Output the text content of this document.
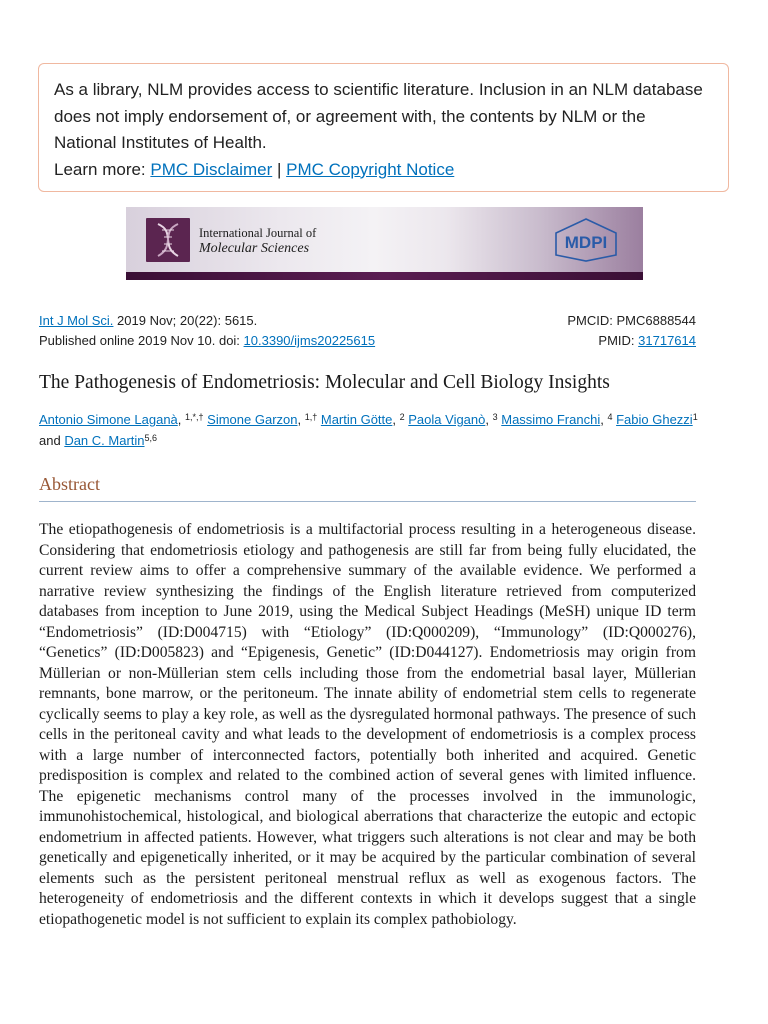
As a library, NLM provides access to scientific literature. Inclusion in an NLM database does not imply endorsement of, or agreement with, the contents by NLM or the National Institutes of Health.
Learn more: PMC Disclaimer | PMC Copyright Notice
International Journal of
Molecular Sciences	MDPI
Int J Mol Sci. 2019 Nov; 20(22): 5615.
Published online 2019 Nov 10. doi: 10.3390/ijms20225615
PMCID: PMC6888544
PMID: 31717614
The Pathogenesis of Endometriosis: Molecular and Cell Biology Insights
Antonio Simone Laganà, $^{1,*,\dagger}$ Simone Garzon, $^{1,\dagger}$ Martin Götte, $^2$ Paola Viganò, $^3$ Massimo Franchi, $^4$ Fabio Ghezzi$^1$
and Dan C. Martin$^{5,6}$
Abstract

The etiopathogenesis of endometriosis is a multifactorial process resulting in a heterogeneous disease. Considering that endometriosis etiology and pathogenesis are still far from being fully elucidated, the current review aims to offer a comprehensive summary of the available evidence. We performed a narrative review synthesizing the findings of the English literature retrieved from computerized databases from inception to June 2019, using the Medical Subject Headings (MeSH) unique ID term “Endometriosis” (ID:D004715) with “Etiology” (ID:Q000209), “Immunology” (ID:Q000276), “Genetics” (ID:D005823) and “Epigenesis, Genetic” (ID:D044127). Endometriosis may origin from Müllerian or non-Müllerian stem cells including those from the endometrial basal layer, Müllerian remnants, bone marrow, or the peritoneum. The innate ability of endometrial stem cells to regenerate cyclically seems to play a key role, as well as the dysregulated hormonal pathways. The presence of such cells in the peritoneal cavity and what leads to the development of endometriosis is a complex process with a large number of interconnected factors, potentially both inherited and acquired. Genetic predisposition is complex and related to the combined action of several genes with limited influence. The epigenetic mechanisms control many of the processes involved in the immunologic, immunohistochemical, histological, and biological aberrations that characterize the eutopic and ectopic endometrium in affected patients. However, what triggers such alterations is not clear and may be both genetically and epigenetically inherited, or it may be acquired by the particular combination of several elements such as the persistent peritoneal menstrual reflux as well as exogenous factors. The heterogeneity of endometriosis and the different contexts in which it develops suggest that a single etiopathogenetic model is not sufficient to explain its complex pathobiology.
